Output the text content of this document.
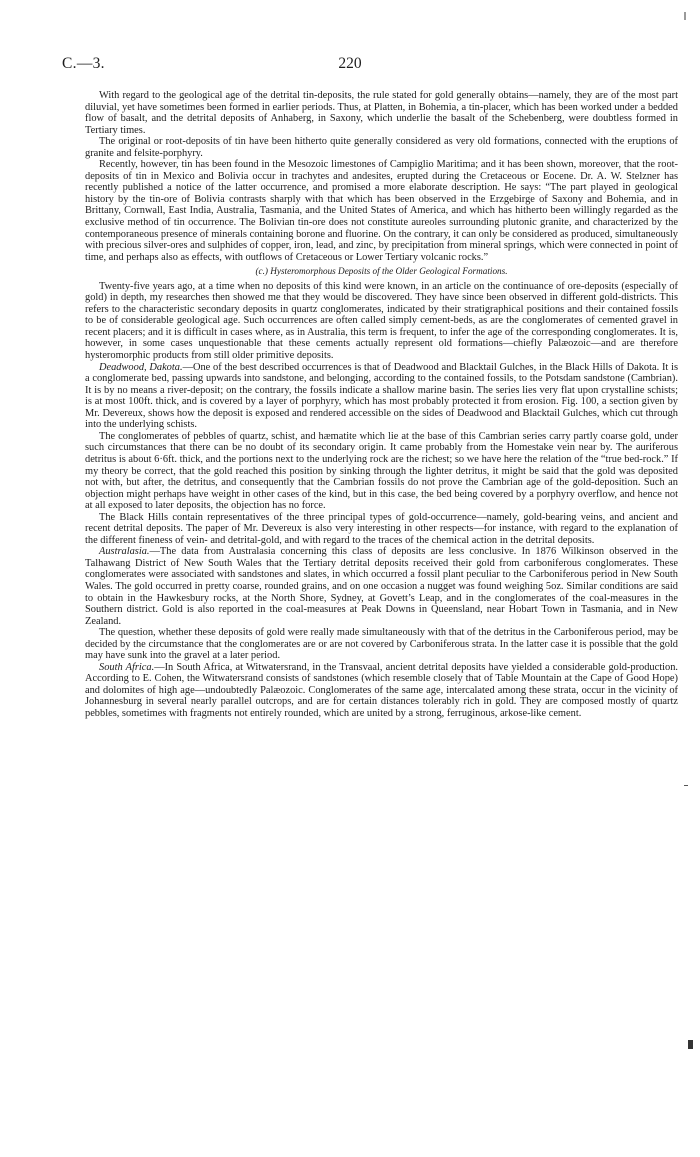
C.—3.	220

With regard to the geological age of the detrital tin-deposits, the rule stated for gold generally obtains—namely, they are of the most part diluvial, yet have sometimes been formed in earlier periods. Thus, at Platten, in Bohemia, a tin-placer, which has been worked under a bedded flow of basalt, and the detrital deposits of Anhaberg, in Saxony, which underlie the basalt of the Schebenberg, were doubtless formed in Tertiary times.

The original or root-deposits of tin have been hitherto quite generally considered as very old formations, connected with the eruptions of granite and felsite-porphyry.

Recently, however, tin has been found in the Mesozoic limestones of Campiglio Maritima; and it has been shown, moreover, that the root-deposits of tin in Mexico and Bolivia occur in trachytes and andesites, erupted during the Cretaceous or Eocene. Dr. A. W. Stelzner has recently published a notice of the latter occurrence, and promised a more elaborate description. He says: “The part played in geological history by the tin-ore of Bolivia contrasts sharply with that which has been observed in the Erzgebirge of Saxony and Bohemia, and in Brittany, Cornwall, East India, Australia, Tasmania, and the United States of America, and which has hitherto been willingly regarded as the exclusive method of tin occurrence. The Bolivian tin-ore does not constitute aureoles surrounding plutonic granite, and characterized by the contemporaneous presence of minerals containing borone and fluorine. On the contrary, it can only be considered as produced, simultaneously with precious silver-ores and sulphides of copper, iron, lead, and zinc, by precipitation from mineral springs, which were connected in point of time, and perhaps also as effects, with outflows of Cretaceous or Lower Tertiary volcanic rocks.”

(c.) Hysteromorphous Deposits of the Older Geological Formations.

Twenty-five years ago, at a time when no deposits of this kind were known, in an article on the continuance of ore-deposits (especially of gold) in depth, my researches then showed me that they would be discovered. They have since been observed in different gold-districts. This refers to the characteristic secondary deposits in quartz conglomerates, indicated by their stratigraphical positions and their contained fossils to be of considerable geological age. Such occurrences are often called simply cement-beds, as are the conglomerates of cemented gravel in recent placers; and it is difficult in cases where, as in Australia, this term is frequent, to infer the age of the corresponding conglomerates. It is, however, in some cases unquestionable that these cements actually represent old formations—chiefly Palæozoic—and are therefore hysteromorphic products from still older primitive deposits.

Deadwood, Dakota.—One of the best described occurrences is that of Deadwood and Blacktail Gulches, in the Black Hills of Dakota. It is a conglomerate bed, passing upwards into sandstone, and belonging, according to the contained fossils, to the Potsdam sandstone (Cambrian). It is by no means a river-deposit; on the contrary, the fossils indicate a shallow marine basin. The series lies very flat upon crystalline schists; is at most 100ft. thick, and is covered by a layer of porphyry, which has most probably protected it from erosion. Fig. 100, a section given by Mr. Devereux, shows how the deposit is exposed and rendered accessible on the sides of Deadwood and Blacktail Gulches, which cut through into the underlying schists.

The conglomerates of pebbles of quartz, schist, and hæmatite which lie at the base of this Cambrian series carry partly coarse gold, under such circumstances that there can be no doubt of its secondary origin. It came probably from the Homestake vein near by. The auriferous detritus is about 6·6ft. thick, and the portions next to the underlying rock are the richest; so we have here the relation of the “true bed-rock.” If my theory be correct, that the gold reached this position by sinking through the lighter detritus, it might be said that the gold was deposited not with, but after, the detritus, and consequently that the Cambrian fossils do not prove the Cambrian age of the gold-deposition. Such an objection might perhaps have weight in other cases of the kind, but in this case, the bed being covered by a porphyry overflow, and hence not at all exposed to later deposits, the objection has no force.

The Black Hills contain representatives of the three principal types of gold-occurrence—namely, gold-bearing veins, and ancient and recent detrital deposits. The paper of Mr. Devereux is also very interesting in other respects—for instance, with regard to the explanation of the different fineness of vein- and detrital-gold, and with regard to the traces of the chemical action in the detrital deposits.

Australasia.—The data from Australasia concerning this class of deposits are less conclusive. In 1876 Wilkinson observed in the Talhawang District of New South Wales that the Tertiary detrital deposits received their gold from carboniferous conglomerates. These conglomerates were associated with sandstones and slates, in which occurred a fossil plant peculiar to the Carboniferous period in New South Wales. The gold occurred in pretty coarse, rounded grains, and on one occasion a nugget was found weighing 5oz. Similar conditions are said to obtain in the Hawkesbury rocks, at the North Shore, Sydney, at Govett’s Leap, and in the conglomerates of the coal-measures in the Southern district. Gold is also reported in the coal-measures at Peak Downs in Queensland, near Hobart Town in Tasmania, and in New Zealand.

The question, whether these deposits of gold were really made simultaneously with that of the detritus in the Carboniferous period, may be decided by the circumstance that the conglomerates are or are not covered by Carboniferous strata. In the latter case it is possible that the gold may have sunk into the gravel at a later period.

South Africa.—In South Africa, at Witwatersrand, in the Transvaal, ancient detrital deposits have yielded a considerable gold-production. According to E. Cohen, the Witwatersrand consists of sandstones (which resemble closely that of Table Mountain at the Cape of Good Hope) and dolomites of high age—undoubtedly Palæozoic. Conglomerates of the same age, intercalated among these strata, occur in the vicinity of Johannesburg in several nearly parallel outcrops, and are for certain distances tolerably rich in gold. They are composed mostly of quartz pebbles, sometimes with fragments not entirely rounded, which are united by a strong, ferruginous, arkose-like cement.
